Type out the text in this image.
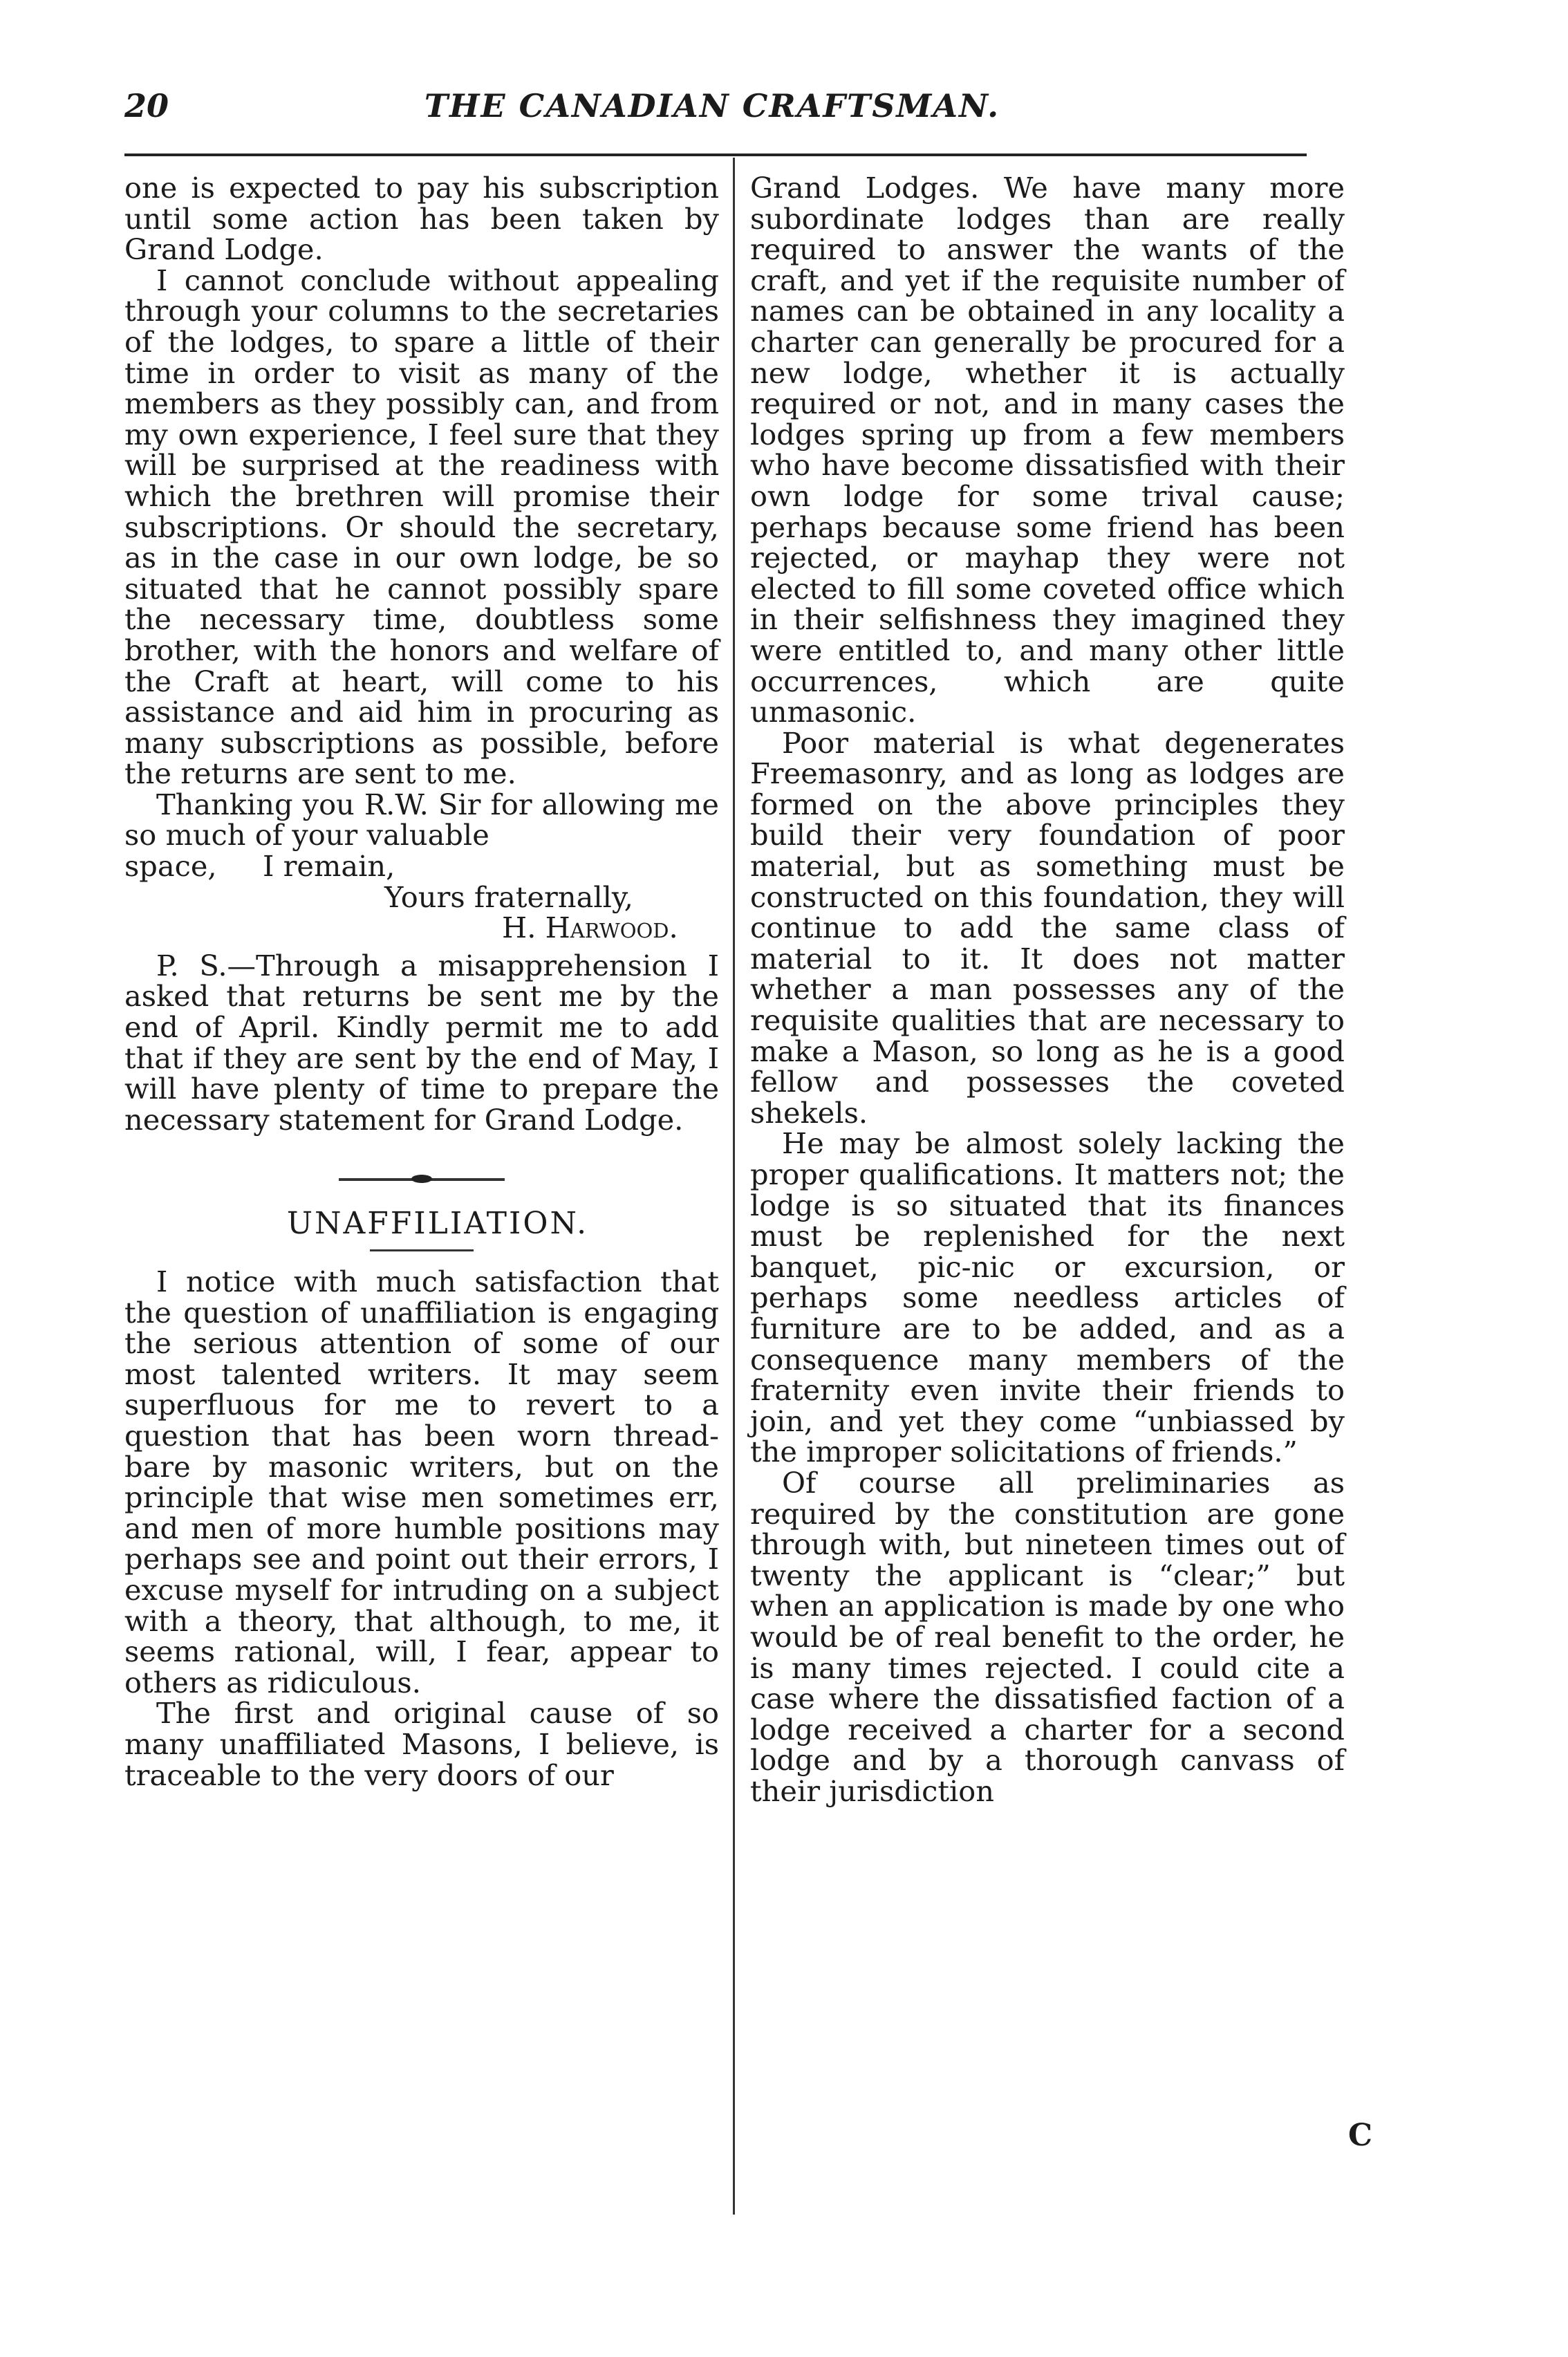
20	THE CANADIAN CRAFTSMAN.

one is expected to pay his subscription until some action has been taken by Grand Lodge.

I cannot conclude without appealing through your columns to the secretaries of the lodges, to spare a little of their time in order to visit as many of the members as they possibly can, and from my own experience, I feel sure that they will be surprised at the readiness with which the brethren will promise their subscriptions. Or should the secretary, as in the case in our own lodge, be so situated that he cannot possibly spare the necessary time, doubtless some brother, with the honors and welfare of the Craft at heart, will come to his assistance and aid him in procuring as many subscriptions as possible, before the returns are sent to me.

Thanking you R.W. Sir for allowing me so much of your valuable

space, I remain,

Yours fraternally,

H. Harwood.

P. S.—Through a misapprehension I asked that returns be sent me by the end of April. Kindly permit me to add that if they are sent by the end of May, I will have plenty of time to prepare the necessary statement for Grand Lodge.

UNAFFILIATION.

I notice with much satisfaction that the question of unaffiliation is engaging the serious attention of some of our most talented writers. It may seem superfluous for me to revert to a question that has been worn thread-bare by masonic writers, but on the principle that wise men sometimes err, and men of more humble positions may perhaps see and point out their errors, I excuse myself for intruding on a subject with a theory, that although, to me, it seems rational, will, I fear, appear to others as ridiculous.

The first and original cause of so many unaffiliated Masons, I believe, is traceable to the very doors of our

Grand Lodges. We have many more subordinate lodges than are really required to answer the wants of the craft, and yet if the requisite number of names can be obtained in any locality a charter can generally be procured for a new lodge, whether it is actually required or not, and in many cases the lodges spring up from a few members who have become dissatisfied with their own lodge for some trival cause; perhaps because some friend has been rejected, or mayhap they were not elected to fill some coveted office which in their selfishness they imagined they were entitled to, and many other little occurrences, which are quite unmasonic.

Poor material is what degenerates Freemasonry, and as long as lodges are formed on the above principles they build their very foundation of poor material, but as something must be constructed on this foundation, they will continue to add the same class of material to it. It does not matter whether a man possesses any of the requisite qualities that are necessary to make a Mason, so long as he is a good fellow and possesses the coveted shekels.

He may be almost solely lacking the proper qualifications. It matters not; the lodge is so situated that its finances must be replenished for the next banquet, pic-nic or excursion, or perhaps some needless articles of furniture are to be added, and as a consequence many members of the fraternity even invite their friends to join, and yet they come “unbiassed by the improper solicitations of friends.”

Of course all preliminaries as required by the constitution are gone through with, but nineteen times out of twenty the applicant is “clear;” but when an application is made by one who would be of real benefit to the order, he is many times rejected. I could cite a case where the dissatisfied faction of a lodge received a charter for a second lodge and by a thorough canvass of their jurisdiction

C
